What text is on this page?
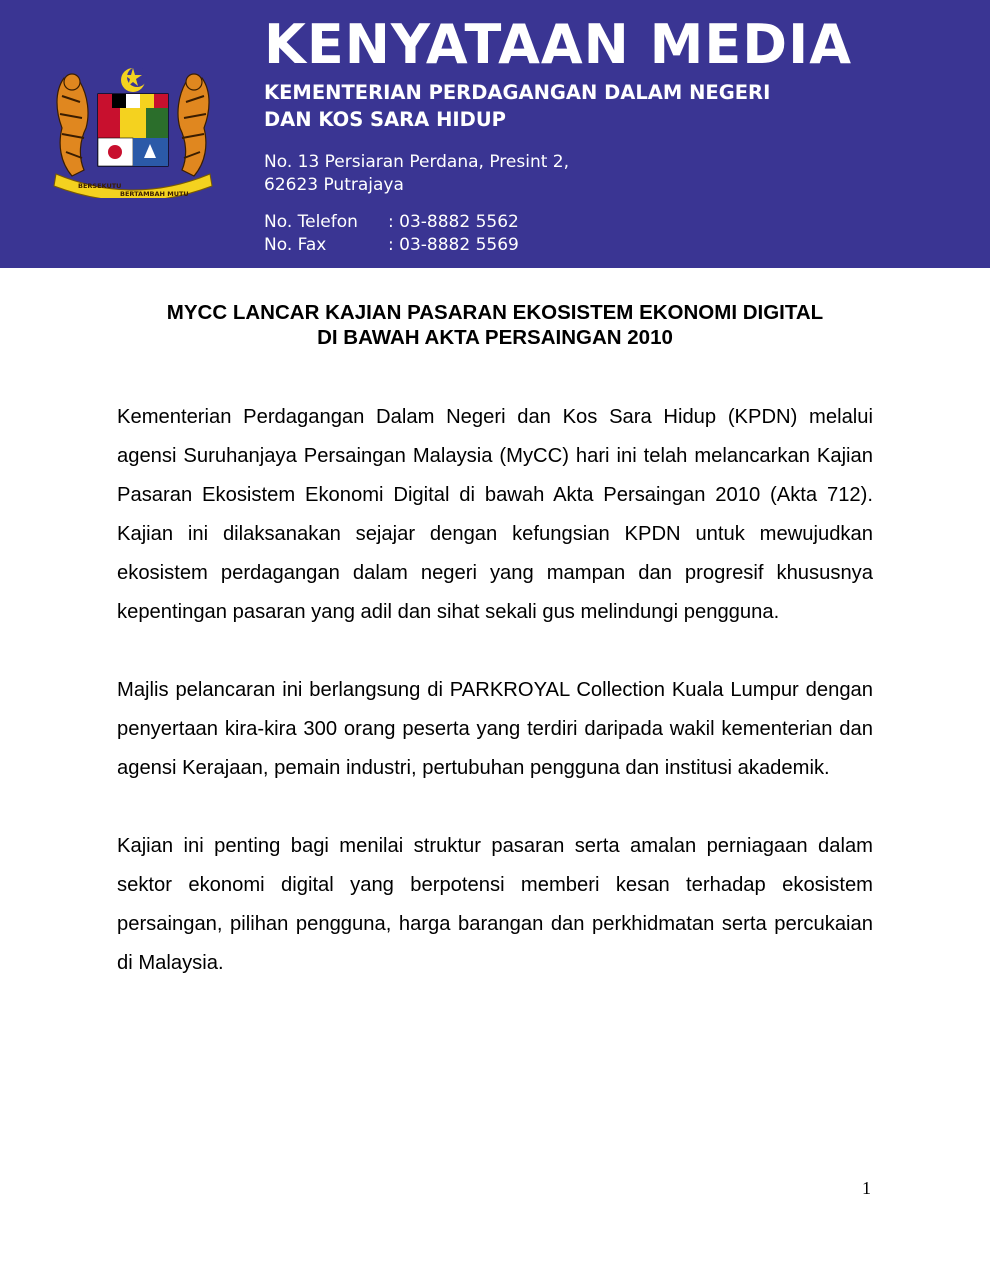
BERSEKUTU
BERTAMBAH MUTU
KENYATAAN MEDIA
KEMENTERIAN PERDAGANGAN DALAM NEGERI
DAN KOS SARA HIDUP
No. 13 Persiaran Perdana, Presint 2,
62623 Putrajaya
No. Telefon	: 03-8882 5562
No. Fax	: 03-8882 5569
MYCC LANCAR KAJIAN PASARAN EKOSISTEM EKONOMI DIGITAL
DI BAWAH AKTA PERSAINGAN 2010

Kementerian Perdagangan Dalam Negeri dan Kos Sara Hidup (KPDN) melalui agensi Suruhanjaya Persaingan Malaysia (MyCC) hari ini telah melancarkan Kajian Pasaran Ekosistem Ekonomi Digital di bawah Akta Persaingan 2010 (Akta 712). Kajian ini dilaksanakan sejajar dengan kefungsian KPDN untuk mewujudkan ekosistem perdagangan dalam negeri yang mampan dan progresif khususnya kepentingan pasaran yang adil dan sihat sekali gus melindungi pengguna.

Majlis pelancaran ini berlangsung di PARKROYAL Collection Kuala Lumpur dengan penyertaan kira-kira 300 orang peserta yang terdiri daripada wakil kementerian dan agensi Kerajaan, pemain industri, pertubuhan pengguna dan institusi akademik.

Kajian ini penting bagi menilai struktur pasaran serta amalan perniagaan dalam sektor ekonomi digital yang berpotensi memberi kesan terhadap ekosistem persaingan, pilihan pengguna, harga barangan dan perkhidmatan serta percukaian di Malaysia.

1
